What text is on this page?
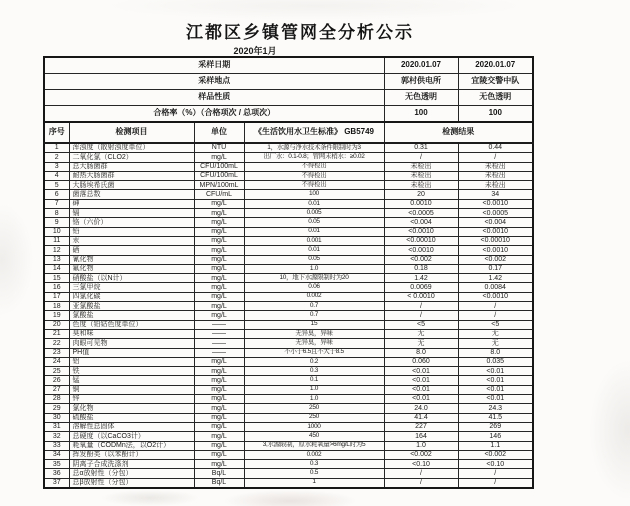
江都区乡镇管网全分析公示
2020年1月
采样日期				2020.01.07	2020.01.07
采样地点				郭村供电所	宜陵交警中队
样品性质				无色透明	无色透明
合格率（%）（合格项次 / 总项次）				100	100
序号	检测项目	单位	《生活饮用水卫生标准》 GB5749	检测结果	
1	浑浊度（散射浊度单位）	NTU	1，水源与净水技术条件限制时为3	0.31	0.44
2	二氧化氯（CLO2）	mg/L	出厂水：0.1-0.8；管网末梢水：≥0.02	/	/
3	总大肠菌群	CFU/100mL	不得检出	未检出	未检出
4	耐热大肠菌群	CFU/100mL	不得检出	未检出	未检出
5	大肠埃希氏菌	MPN/100mL	不得检出	未检出	未检出
6	菌落总数	CFU/mL	100	20	34
7	砷	mg/L	0.01	0.0010	<0.0010
8	镉	mg/L	0.005	<0.0005	<0.0005
9	铬（六价）	mg/L	0.05	<0.004	<0.004
10	铅	mg/L	0.01	<0.0010	<0.0010
11	汞	mg/L	0.001	<0.00010	<0.00010
12	硒	mg/L	0.01	<0.0010	<0.0010
13	氰化物	mg/L	0.05	<0.002	<0.002
14	氟化物	mg/L	1.0	0.18	0.17
15	硝酸盐（以N计）	mg/L	10，地下水源限制时为20	1.42	1.42
16	三氯甲烷	mg/L	0.06	0.0069	0.0084
17	四氯化碳	mg/L	0.002	< 0.0010	<0.0010
18	亚氯酸盐	mg/L	0.7	/	/
19	氯酸盐	mg/L	0.7	/	/
20	色度（铂钴色度单位）	——	15	<5	<5
21	臭和味	——	无异臭，异味	无	无
22	肉眼可见物	——	无异臭，异味	无	无
23	PH值	——	不小于6.5且不大于8.5	8.0	8.0
24	铝	mg/L	0.2	0.060	0.035
25	铁	mg/L	0.3	<0.01	<0.01
26	锰	mg/L	0.1	<0.01	<0.01
27	铜	mg/L	1.0	<0.01	<0.01
28	锌	mg/L	1.0	<0.01	<0.01
29	氯化物	mg/L	250	24.0	24.3
30	硫酸盐	mg/L	250	41.4	41.5
31	溶解性总固体	mg/L	1000	227	269
32	总硬度（以CaCO3计）	mg/L	450	164	146
33	耗氧量（CODMn法，以O2计）	mg/L	3,水源限制，原水耗氧量>6mg/L时为5	1.0	1.1
34	挥发酚类（以苯酚计）	mg/L	0.002	<0.002	<0.002
35	阴离子合成洗涤剂	mg/L	0.3	<0.10	<0.10
36	总α放射性（分包）	Bq/L	0.5	/	/
37	总β放射性（分包）	Bq/L	1	/	/
